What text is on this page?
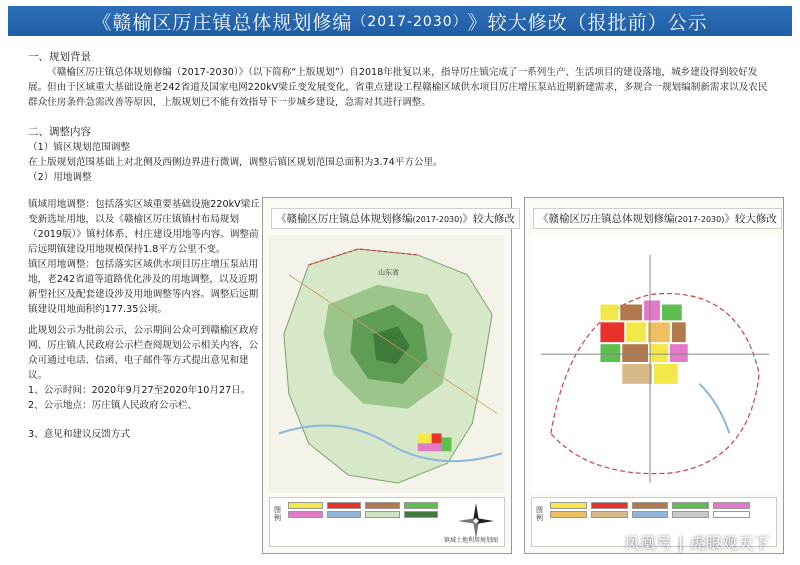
《赣榆区厉庄镇总体规划修编 （2017-2030） 》较大修改（报批前）公示
一、规划背景
《赣榆区厉庄镇总体规划修编（2017-2030）》（以下简称“上版规划”）自2018年批复以来，指导厉庄镇完成了一系列生产、生活项目的建设落地，城乡建设得到较好发展。但由于区域重大基础设施老242省道及国家电网220kV梁丘变发展变化，省重点建设工程赣榆区域供水项目厉庄增压泵站近期新建需求，多规合一规划编制新需求以及农民群众住房条件急需改善等原因，上版规划已不能有效指导下一步城乡建设，急需对其进行调整。
二、调整内容
（1）镇区规划范围调整
在上版规划范围基础上对北侧及西侧边界进行微调，调整后镇区规划范围总面积为3.74平方公里。
（2）用地调整

镇域用地调整：包括落实区域重要基础设施220kV梁丘变新选址用地，以及《赣榆区厉庄镇镇村布局规划（2019版）》镇村体系、村庄建设用地等内容。调整前后远期镇建设用地规模保持1.8平方公里不变。

镇区用地调整：包括落实区域供水项目厉庄增压泵站用地，老242省道等道路优化涉及的用地调整，以及近期新型社区及配套建设涉及用地调整等内容。调整后远期镇建设用地面积约177.35公顷。

此规划公示为批前公示，公示期间公众可到赣榆区政府网、厉庄镇人民政府公示栏查阅规划公示相关内容，公众可通过电话、信函、电子邮件等方式提出意见和建议。

1、公示时间：2020年9月27至2020年10月27日。

2、公示地点：厉庄镇人民政府公示栏、

3、意见和建议反馈方式

《赣榆区厉庄镇总体规划修编(2017-2030)》较大修改
山东省
图例
镇域土地利用规划图
《赣榆区厉庄镇总体规划修编(2017-2030)》较大修改
图例
凤凰号 | 虎眼观天下
